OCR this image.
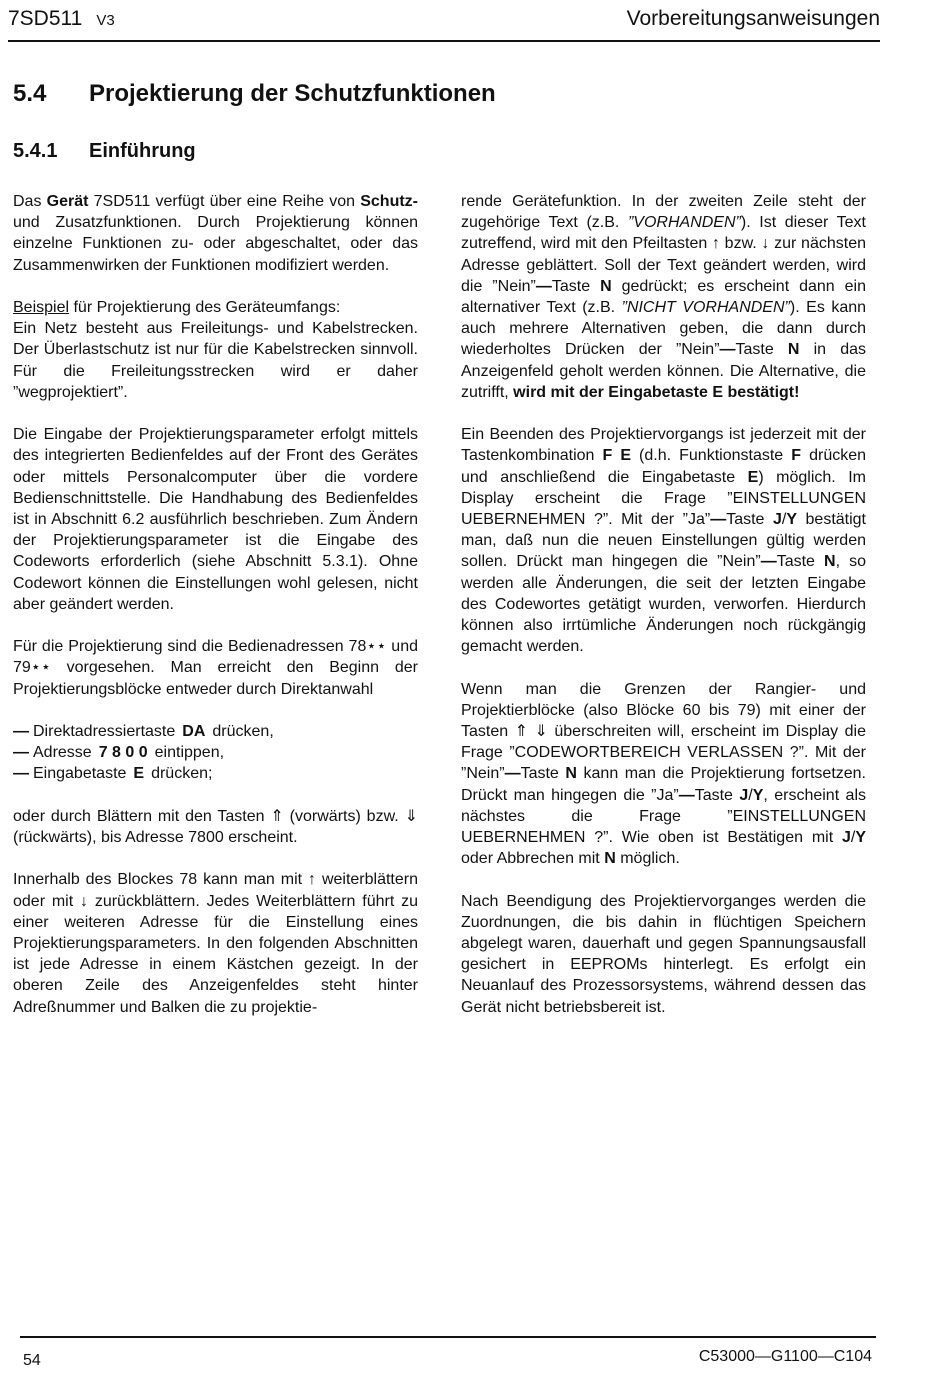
7SD511 V3	Vorbereitungsanweisungen
5.4 Projektierung der Schutzfunktionen
5.4.1 Einführung

Das Gerät 7SD511 verfügt über eine Reihe von Schutz- und Zusatzfunktionen. Durch Projektierung können einzelne Funktionen zu- oder abgeschaltet, oder das Zusammenwirken der Funktionen modifiziert werden.

Beispiel für Projektierung des Geräteumfangs:
Ein Netz besteht aus Freileitungs- und Kabelstrecken. Der Überlastschutz ist nur für die Kabelstrecken sinnvoll. Für die Freileitungsstrecken wird er daher ”wegprojektiert”.

Die Eingabe der Projektierungsparameter erfolgt mittels des integrierten Bedienfeldes auf der Front des Gerätes oder mittels Personalcomputer über die vordere Bedienschnittstelle. Die Handhabung des Bedienfeldes ist in Abschnitt 6.2 ausführlich beschrieben. Zum Ändern der Projektierungsparameter ist die Eingabe des Codeworts erforderlich (siehe Abschnitt 5.3.1). Ohne Codewort können die Einstellungen wohl gelesen, nicht aber geändert werden.

Für die Projektierung sind die Bedienadressen 78⋆⋆ und 79⋆⋆ vorgesehen. Man erreicht den Beginn der Projektierungsblöcke entweder durch Direktanwahl

— Direktadressiertaste DA drücken,
— Adresse 7 8 0 0 eintippen,
— Eingabetaste E drücken;

oder durch Blättern mit den Tasten ⇑ (vorwärts) bzw. ⇓ (rückwärts), bis Adresse 7800 erscheint.

Innerhalb des Blockes 78 kann man mit ↑ weiterblättern oder mit ↓ zurückblättern. Jedes Weiterblättern führt zu einer weiteren Adresse für die Einstellung eines Projektierungsparameters. In den folgenden Abschnitten ist jede Adresse in einem Kästchen gezeigt. In der oberen Zeile des Anzeigenfeldes steht hinter Adreßnummer und Balken die zu projektie-

rende Gerätefunktion. In der zweiten Zeile steht der zugehörige Text (z.B. ”VORHANDEN”). Ist dieser Text zutreffend, wird mit den Pfeiltasten ↑ bzw. ↓ zur nächsten Adresse geblättert. Soll der Text geändert werden, wird die ”Nein”—Taste N gedrückt; es erscheint dann ein alternativer Text (z.B. ”NICHT VORHANDEN”). Es kann auch mehrere Alternativen geben, die dann durch wiederholtes Drücken der ”Nein”—Taste N in das Anzeigenfeld geholt werden können. Die Alternative, die zutrifft, wird mit der Eingabetaste E bestätigt!

Ein Beenden des Projektiervorgangs ist jederzeit mit der Tastenkombination F E (d.h. Funktionstaste F drücken und anschließend die Eingabetaste E) möglich. Im Display erscheint die Frage ”EINSTELLUNGEN UEBERNEHMEN ?”. Mit der ”Ja”—Taste J/Y bestätigt man, daß nun die neuen Einstellungen gültig werden sollen. Drückt man hingegen die ”Nein”—Taste N, so werden alle Änderungen, die seit der letzten Eingabe des Codewortes getätigt wurden, verworfen. Hierdurch können also irrtümliche Änderungen noch rückgängig gemacht werden.

Wenn man die Grenzen der Rangier- und Projektierblöcke (also Blöcke 60 bis 79) mit einer der Tasten ⇑ ⇓ überschreiten will, erscheint im Display die Frage ”CODEWORTBEREICH VERLASSEN ?”. Mit der ”Nein”—Taste N kann man die Projektierung fortsetzen. Drückt man hingegen die ”Ja”—Taste J/Y, erscheint als nächstes die Frage ”EINSTELLUNGEN UEBERNEHMEN ?”. Wie oben ist Bestätigen mit J/Y oder Abbrechen mit N möglich.

Nach Beendigung des Projektiervorganges werden die Zuordnungen, die bis dahin in flüchtigen Speichern abgelegt waren, dauerhaft und gegen Spannungsausfall gesichert in EEPROMs hinterlegt. Es erfolgt ein Neuanlauf des Prozessorsystems, während dessen das Gerät nicht betriebsbereit ist.

54	C53000—G1100—C104
